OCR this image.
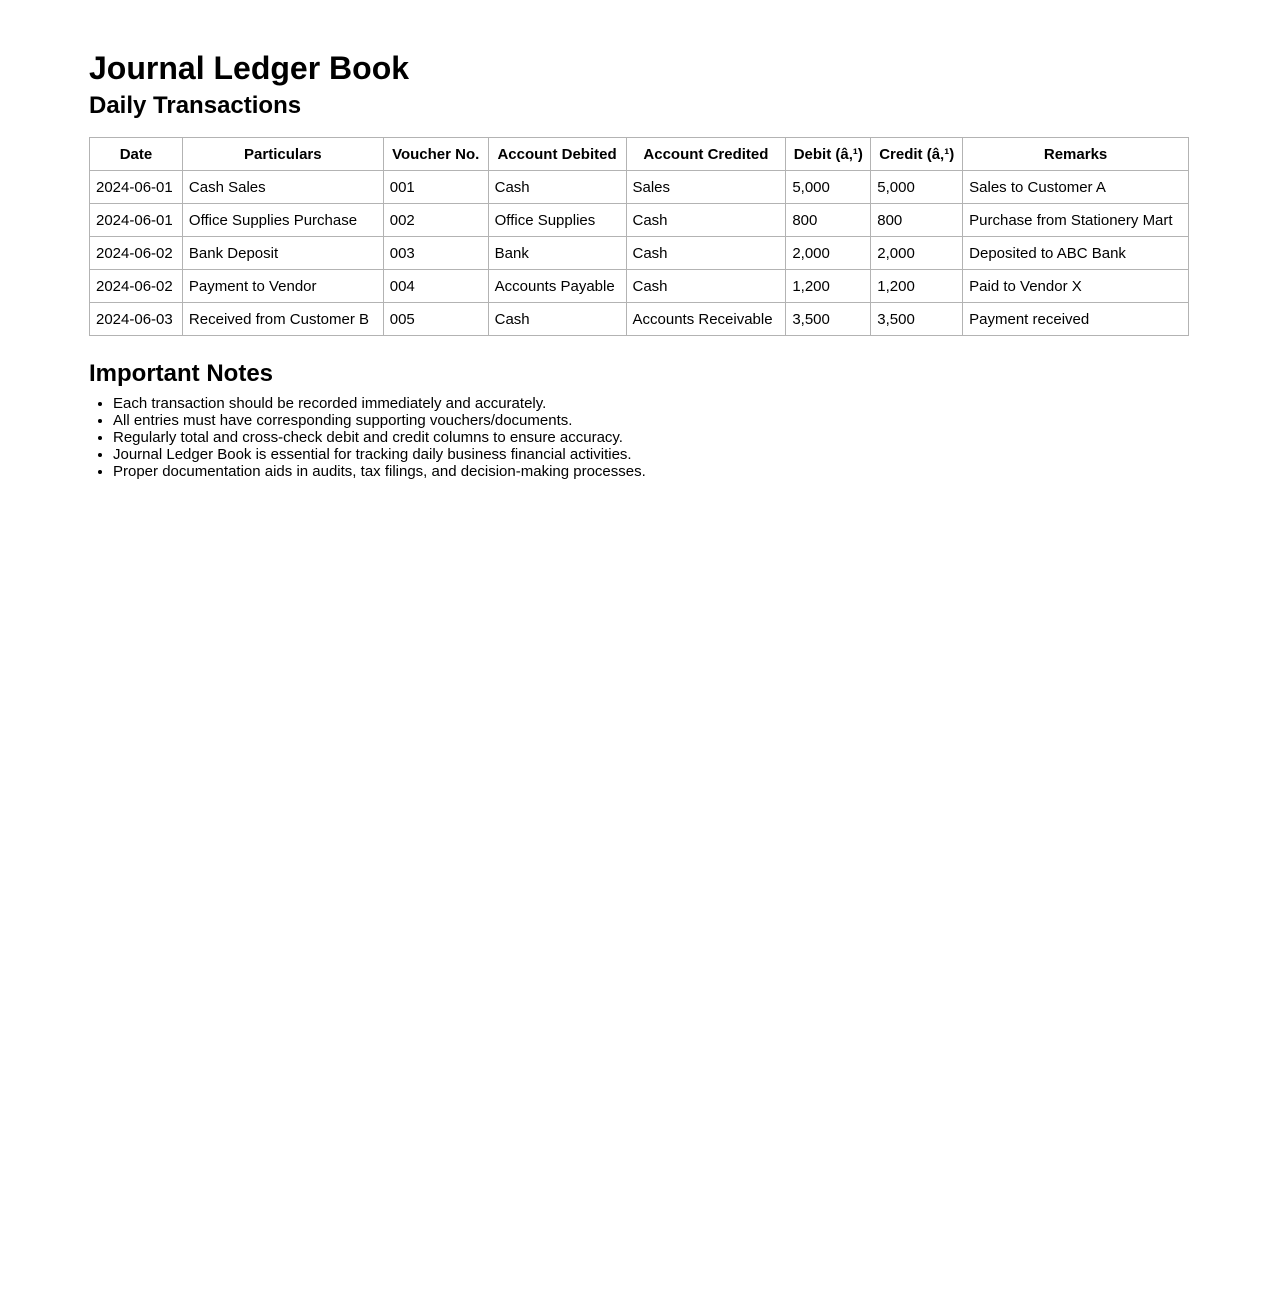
Journal Ledger Book
Daily Transactions
Date	Particulars	Voucher No.	Account Debited	Account Credited	Debit (â‚¹)	Credit (â‚¹)	Remarks
2024-06-01	Cash Sales	001	Cash	Sales	5,000	5,000	Sales to Customer A
2024-06-01	Office Supplies Purchase	002	Office Supplies	Cash	800	800	Purchase from Stationery Mart
2024-06-02	Bank Deposit	003	Bank	Cash	2,000	2,000	Deposited to ABC Bank
2024-06-02	Payment to Vendor	004	Accounts Payable	Cash	1,200	1,200	Paid to Vendor X
2024-06-03	Received from Customer B	005	Cash	Accounts Receivable	3,500	3,500	Payment received
Important Notes
• Each transaction should be recorded immediately and accurately.
• All entries must have corresponding supporting vouchers/documents.
• Regularly total and cross-check debit and credit columns to ensure accuracy.
• Journal Ledger Book is essential for tracking daily business financial activities.
• Proper documentation aids in audits, tax filings, and decision-making processes.
